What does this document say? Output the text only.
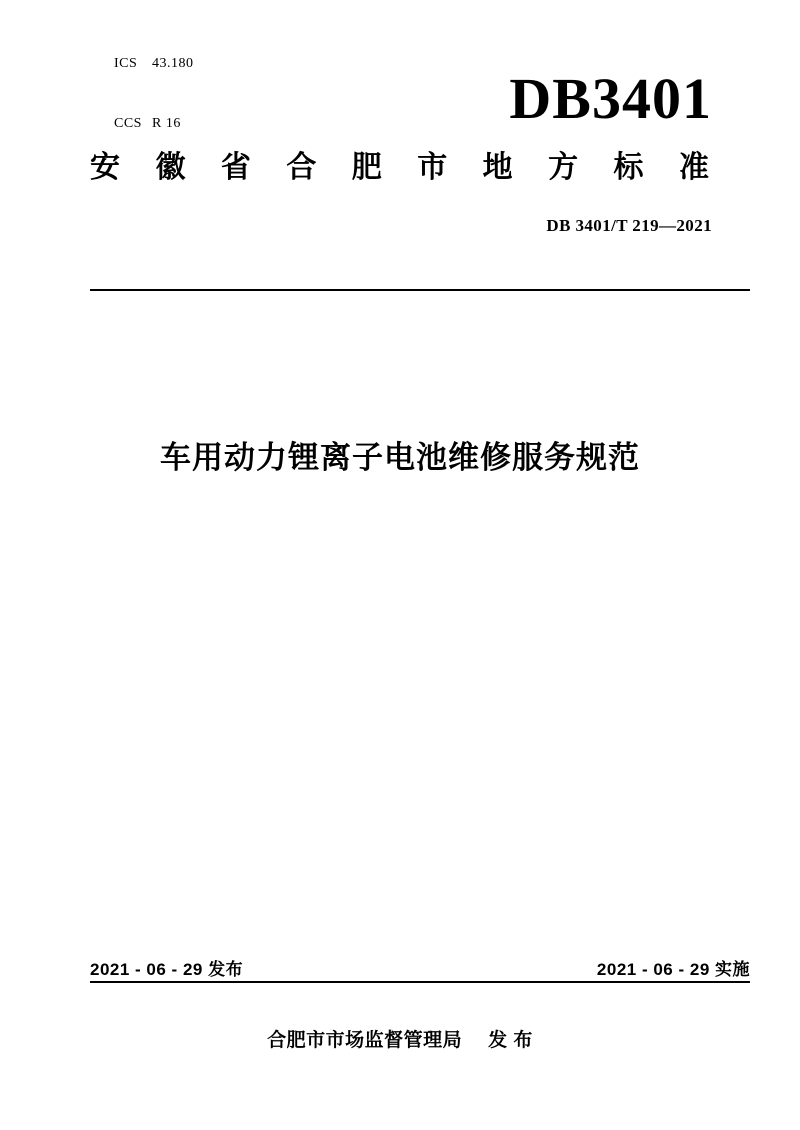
ICS 43.180

CCS R 16
	DB3401
安 徽 省 合 肥 市 地 方 标 准
DB 3401/T 219—2021
车用动力锂离子电池维修服务规范
2021 - 06 - 29 发布	2021 - 06 - 29 实施
合肥市市场监督管理局 发 布
